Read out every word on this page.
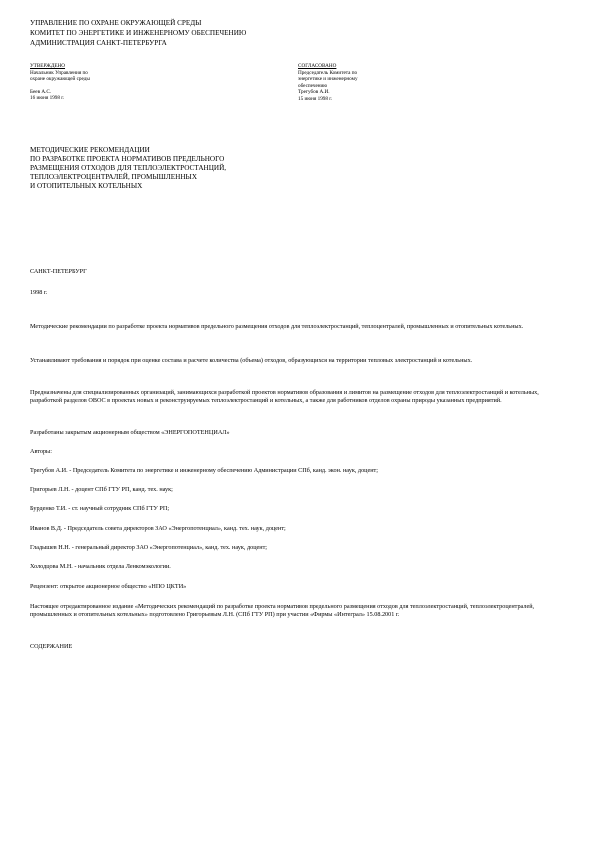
УПРАВЛЕНИЕ ПО ОХРАНЕ ОКРУЖАЮЩЕЙ СРЕДЫ
КОМИТЕТ ПО ЭНЕРГЕТИКЕ И ИНЖЕНЕРНОМУ ОБЕСПЕЧЕНИЮ
АДМИНИСТРАЦИЯ САНКТ-ПЕТЕРБУРГА
УТВЕРЖДЕНО
Начальник Управления по
охране окружающей среды
Беев А.С.
16 июня 1998 г.
СОГЛАСОВАНО
Председатель Комитета по
энергетике и инженерному
обеспечению
Трегубов А.И.
15 июня 1998 г.
МЕТОДИЧЕСКИЕ РЕКОМЕНДАЦИИ
ПО РАЗРАБОТКЕ ПРОЕКТА НОРМАТИВОВ ПРЕДЕЛЬНОГО
РАЗМЕЩЕНИЯ ОТХОДОВ ДЛЯ ТЕПЛОЭЛЕКТРОСТАНЦИЙ,
ТЕПЛОЭЛЕКТРОЦЕНТРАЛЕЙ, ПРОМЫШЛЕННЫХ
И ОТОПИТЕЛЬНЫХ КОТЕЛЬНЫХ
САНКТ-ПЕТЕРБУРГ
1998 г.
Методические рекомендации по разработке проекта нормативов предельного размещения отходов для теплоэлектростанций, теплоцентралей, промышленных и отопительных котельных.
Устанавливают требования и порядок при оценке состава и расчете количества (объема) отходов, образующихся на территории тепловых электростанций и котельных.
Предназначены для специализированных организаций, занимающихся разработкой проектов нормативов образования и лимитов на размещение отходов для теплоэлектростанций и котельных, разработкой разделов ОВОС в проектах новых и реконструируемых теплоэлектростанций и котельных, а также для работников отделов охраны природы указанных предприятий.
Разработаны закрытым акционерным обществом «ЭНЕРГОПОТЕНЦИАЛ»
Авторы:
Трегубов А.И. - Председатель Комитета по энергетике и инженерному обеспечению Администрации СПб, канд. экон. наук, доцент;
Григорьев Л.Н. - доцент СПб ГТУ РП, канд. тех. наук;
Бурденко Т.И. - ст. научный сотрудник СПб ГТУ РП;
Иванов В.Д. - Председатель совета директоров ЗАО «Энергопотенциал», канд. тех. наук, доцент;
Гладышев Н.Н. - генеральный директор ЗАО «Энергопотенциал», канд. тех. наук, доцент;
Холодцова М.Н. - начальник отдела Ленкомэкологии.
Рецензент: открытое акционерное общество «НПО ЦКТИ»
Настоящее отредактированное издание «Методических рекомендаций по разработке проекта нормативов предельного размещения отходов для теплоэлектростанций, теплоэлектроцентралей, промышленных и отопительных котельных» подготовлено Григорьевым Л.Н. (СПб ГТУ РП) при участии «Фирмы «Интеграл» 15.08.2001 г.
СОДЕРЖАНИЕ
